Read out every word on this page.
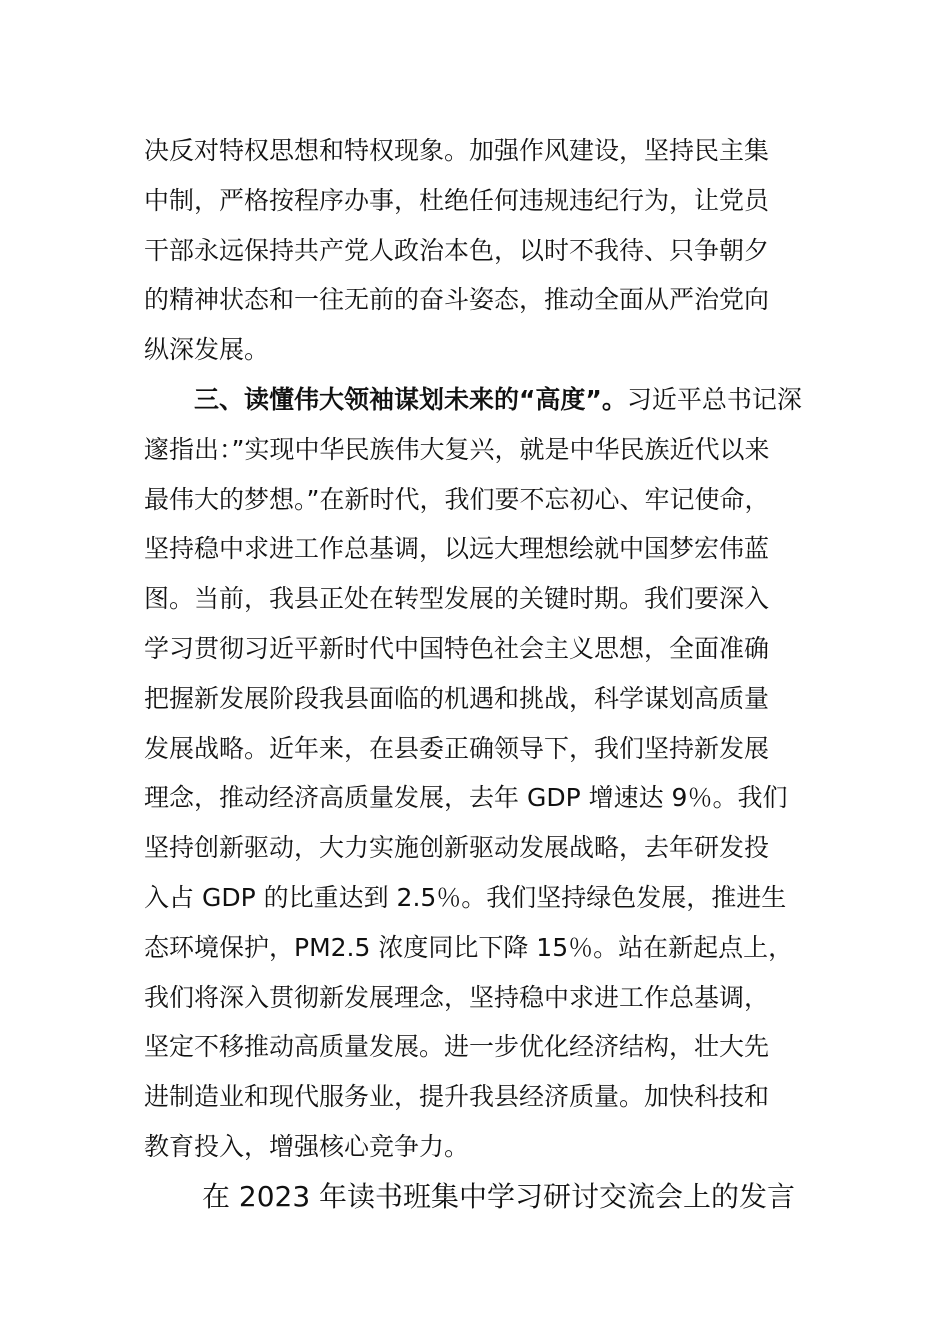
决反对特权思想和特权现象。加强作风建设，坚持民主集
中制，严格按程序办事，杜绝任何违规违纪行为，让党员
干部永远保持共产党人政治本色，以时不我待、只争朝夕
的精神状态和一往无前的奋斗姿态，推动全面从严治党向
纵深发展。
三、读懂伟大领袖谋划未来的“高度”。习近平总书记深
邃指出：”实现中华民族伟大复兴，就是中华民族近代以来
最伟大的梦想。”在新时代，我们要不忘初心、牢记使命，
坚持稳中求进工作总基调，以远大理想绘就中国梦宏伟蓝
图。当前，我县正处在转型发展的关键时期。我们要深入
学习贯彻习近平新时代中国特色社会主义思想，全面准确
把握新发展阶段我县面临的机遇和挑战，科学谋划高质量
发展战略。近年来，在县委正确领导下，我们坚持新发展
理念，推动经济高质量发展，去年 GDP 增速达 9％。我们
坚持创新驱动，大力实施创新驱动发展战略，去年研发投
入占 GDP 的比重达到 2.5％。我们坚持绿色发展，推进生
态环境保护，PM2.5 浓度同比下降 15％。站在新起点上，
我们将深入贯彻新发展理念，坚持稳中求进工作总基调，
坚定不移推动高质量发展。进一步优化经济结构，壮大先
进制造业和现代服务业，提升我县经济质量。加快科技和
教育投入，增强核心竞争力。
在 2023 年读书班集中学习研讨交流会上的发言
